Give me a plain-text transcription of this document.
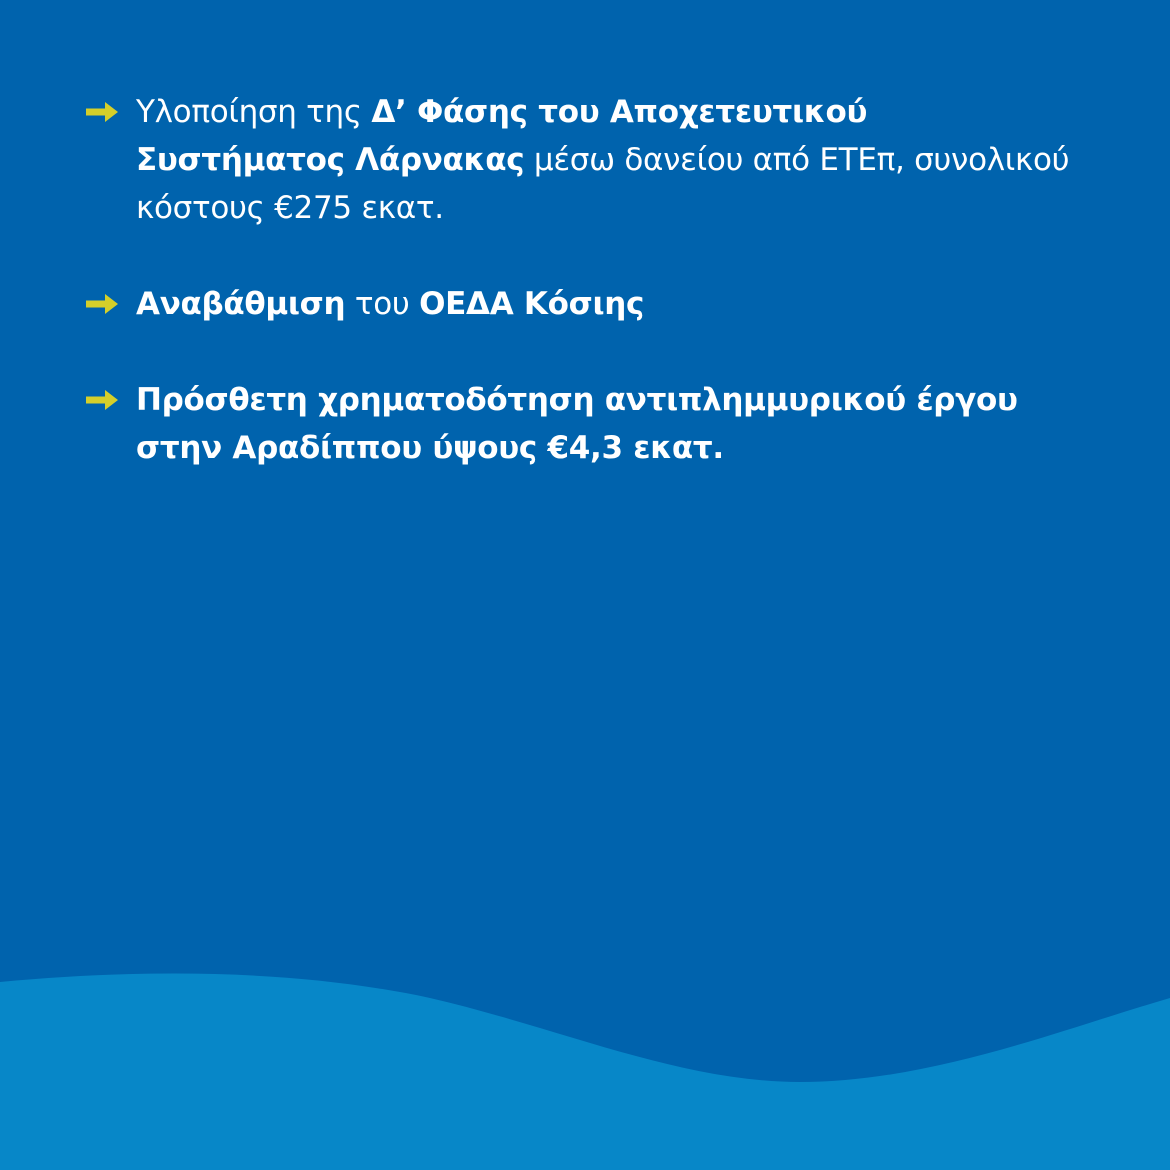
Υλοποίηση της Δ’ Φάσης του Αποχετευτικού Συστήματος Λάρνακας μέσω δανείου από ΕΤΕπ, συνολικού κόστους €275 εκατ.
Αναβάθμιση του ΟΕΔΑ Κόσιης
Πρόσθετη χρηματοδότηση αντιπλημμυρικού έργου στην Αραδίππου ύψους €4,3 εκατ.
